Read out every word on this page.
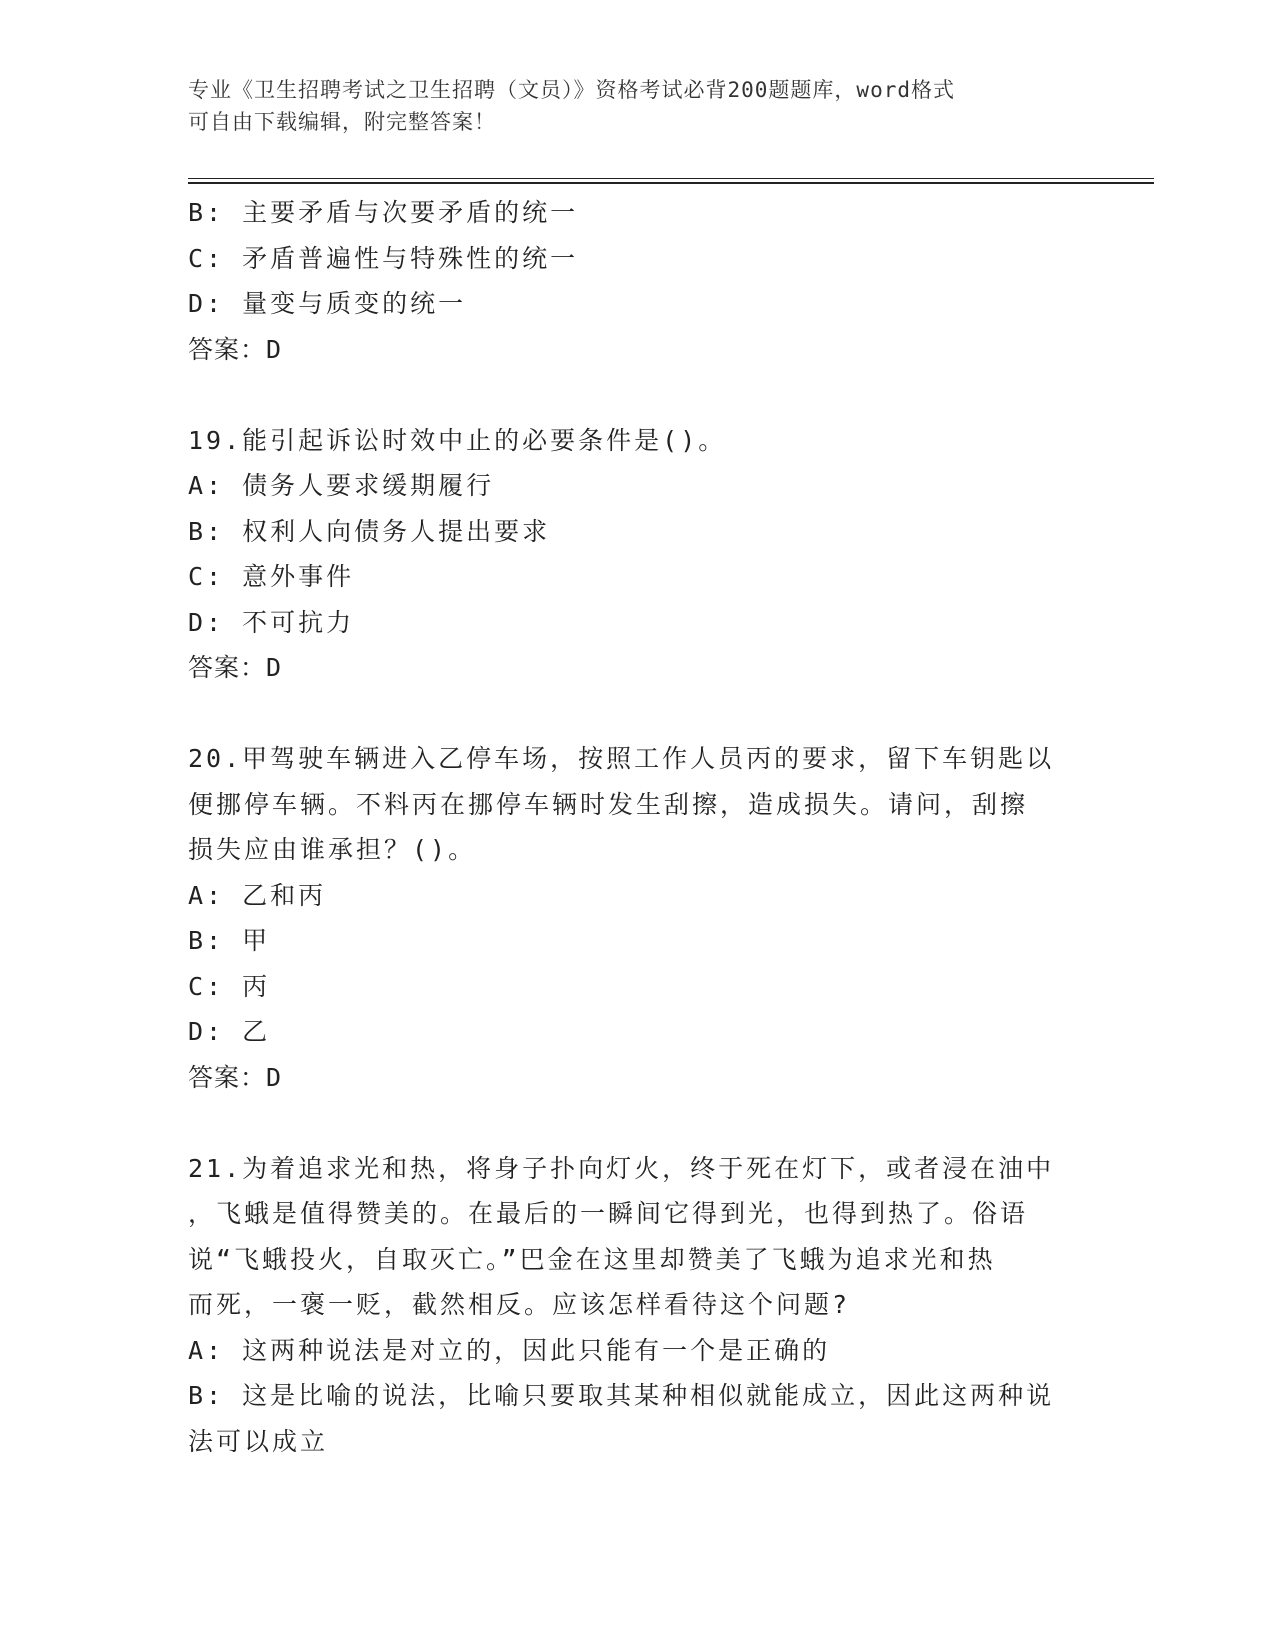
专业《卫生招聘考试之卫生招聘（文员）》资格考试必背200题题库，word格式
可自由下载编辑，附完整答案！
B: 主要矛盾与次要矛盾的统一
C: 矛盾普遍性与特殊性的统一
D: 量变与质变的统一
答案：D
19.能引起诉讼时效中止的必要条件是()。
A: 债务人要求缓期履行
B: 权利人向债务人提出要求
C: 意外事件
D: 不可抗力
答案：D
20.甲驾驶车辆进入乙停车场，按照工作人员丙的要求，留下车钥匙以
便挪停车辆。不料丙在挪停车辆时发生刮擦，造成损失。请问，刮擦
损失应由谁承担？()。
A: 乙和丙
B: 甲
C: 丙
D: 乙
答案：D
21.为着追求光和热，将身子扑向灯火，终于死在灯下，或者浸在油中
，飞蛾是值得赞美的。在最后的一瞬间它得到光，也得到热了。俗语
说“飞蛾投火，自取灭亡。”巴金在这里却赞美了飞蛾为追求光和热
而死，一褒一贬，截然相反。应该怎样看待这个问题?
A: 这两种说法是对立的，因此只能有一个是正确的
B: 这是比喻的说法，比喻只要取其某种相似就能成立，因此这两种说
法可以成立
